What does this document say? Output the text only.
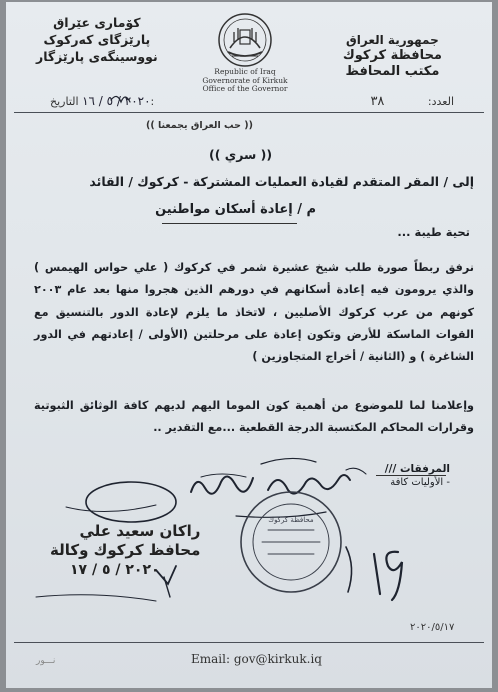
کۆماری عێراق
پارێزگای کەرکوک
نووسینگەی پارێزگار
جمهورية العراق
محافظة كركوك
مكتب المحافظ
Republic of Iraq
Governorate of Kirkuk
Office of the Governor
٢٠٢٠ / ٥ / ١٦ التاريخ:	العدد: ٣٨
(( حب العراق يجمعنا ))
(( سري ))
إلى / المقر المتقدم لقيادة العمليات المشتركة - كركوك / القائد
م / إعادة أسكان مواطنين
تحية طيبة ...
نرفق ربطاً صورة طلب شيخ عشيرة شمر في كركوك ( علي حواس الهيمس ) والذي يرومون فيه إعادة أسكانهم في دورهم الذين هجروا منها بعد عام ٢٠٠٣ كونهم من عرب كركوك الأصليين ، لاتخاذ ما يلزم لإعادة الدور بالتنسيق مع القوات الماسكة للأرض وتكون إعادة على مرحلتين (الأولى / إعادتهم في الدور الشاغرة ) و (الثانية / أخراج المتجاوزين )
وإعلامنا لما للموضوع من أهمية كون الموما اليهم لديهم كافة الوثائق الثبوتية وقرارات المحاكم المكتسبة الدرجة القطعية ...مع التقدير ..
المرفقات ///
- الأوليات كافة
محافظة كركوك
راكان سعيد علي
محافظ كركوك وكالة
٢٠٢٠ / ٥ / ١٧
٢٠٢٠/٥/١٧
Email: gov@kirkuk.iq
نـــور
